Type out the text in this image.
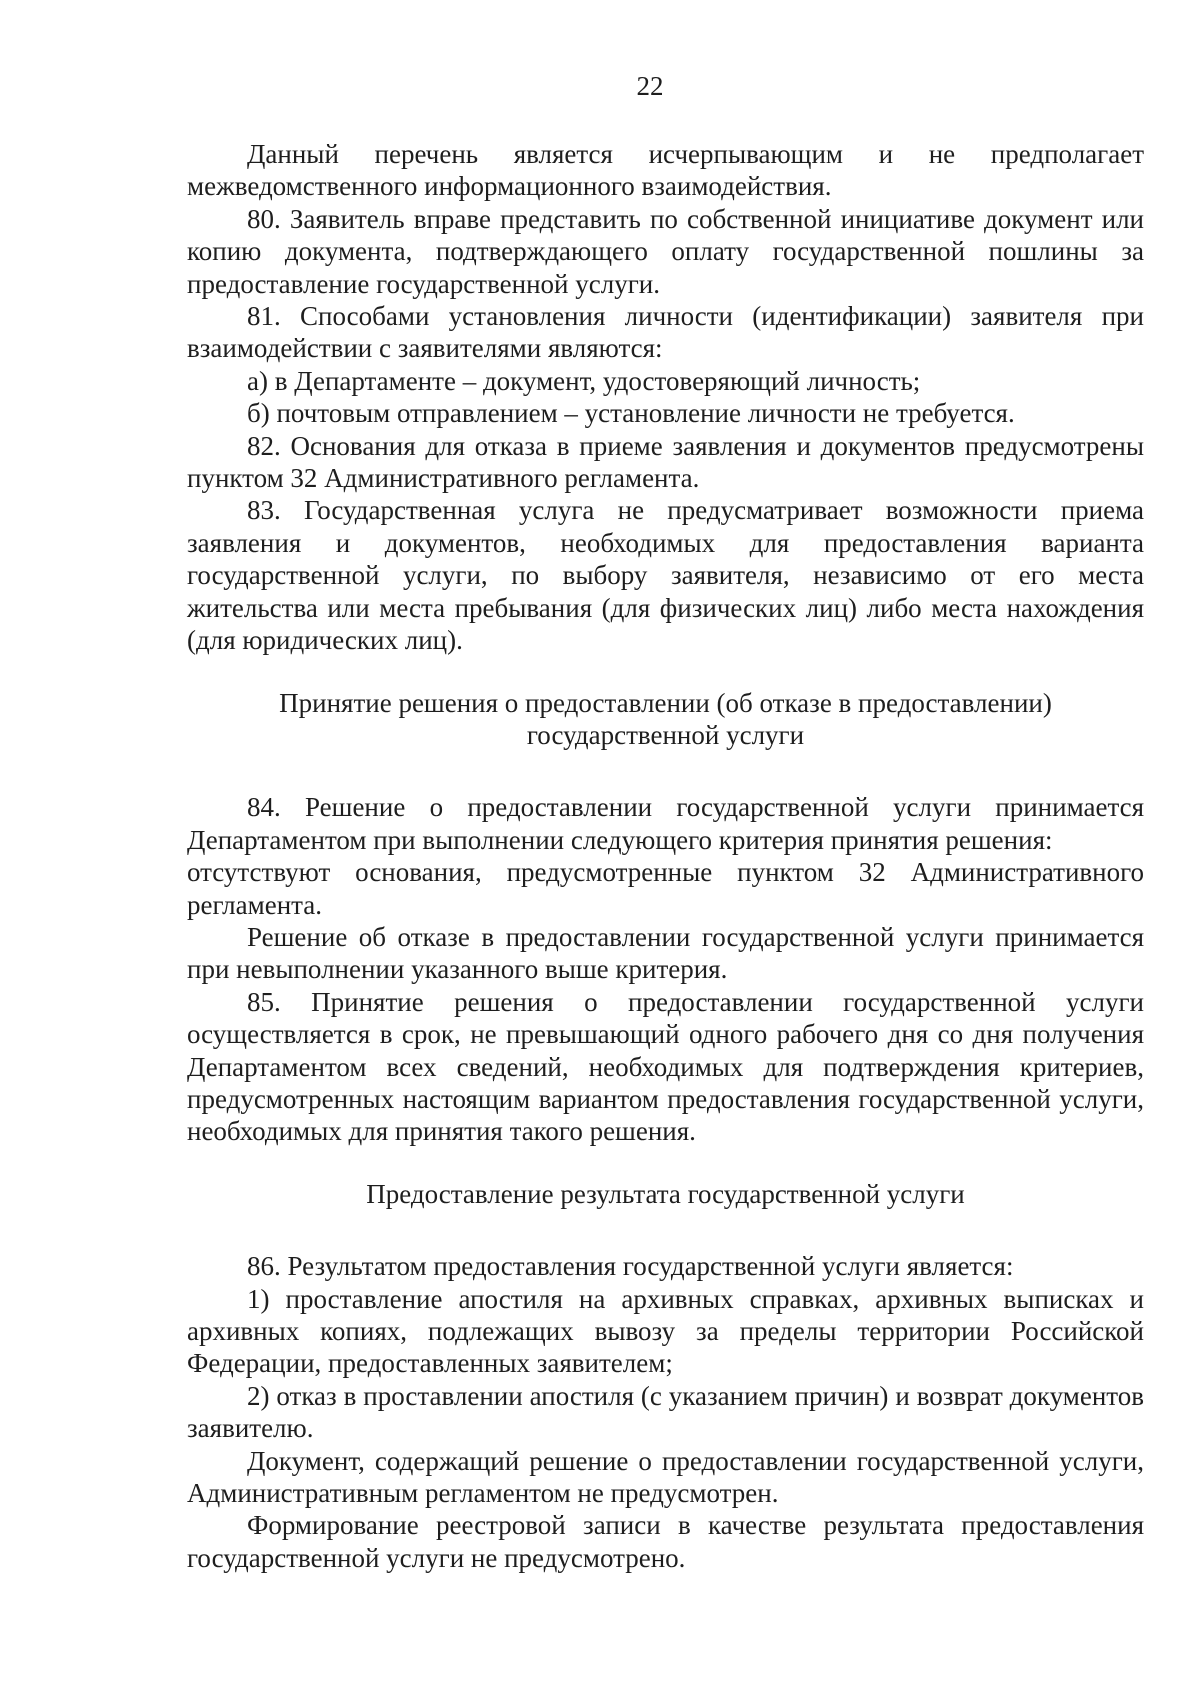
22

Данный перечень является исчерпывающим и не предполагает межведомственного информационного взаимодействия.

80. Заявитель вправе представить по собственной инициативе документ или копию документа, подтверждающего оплату государственной пошлины за предоставление государственной услуги.

81. Способами установления личности (идентификации) заявителя при взаимодействии с заявителями являются:

а) в Департаменте – документ, удостоверяющий личность;

б) почтовым отправлением – установление личности не требуется.

82. Основания для отказа в приеме заявления и документов предусмотрены пунктом 32 Административного регламента.

83. Государственная услуга не предусматривает возможности приема заявления и документов, необходимых для предоставления варианта государственной услуги, по выбору заявителя, независимо от его места жительства или места пребывания (для физических лиц) либо места нахождения (для юридических лиц).

Принятие решения о предоставлении (об отказе в предоставлении)

государственной услуги

84. Решение о предоставлении государственной услуги принимается Департаментом при выполнении следующего критерия принятия решения:

отсутствуют основания, предусмотренные пунктом 32 Административного регламента.

Решение об отказе в предоставлении государственной услуги принимается при невыполнении указанного выше критерия.

85. Принятие решения о предоставлении государственной услуги осуществляется в срок, не превышающий одного рабочего дня со дня получения Департаментом всех сведений, необходимых для подтверждения критериев, предусмотренных настоящим вариантом предоставления государственной услуги, необходимых для принятия такого решения.

Предоставление результата государственной услуги

86. Результатом предоставления государственной услуги является:

1) проставление апостиля на архивных справках, архивных выписках и архивных копиях, подлежащих вывозу за пределы территории Российской Федерации, предоставленных заявителем;

2) отказ в проставлении апостиля (с указанием причин) и возврат документов заявителю.

Документ, содержащий решение о предоставлении государственной услуги, Административным регламентом не предусмотрен.

Формирование реестровой записи в качестве результата предоставления государственной услуги не предусмотрено.
